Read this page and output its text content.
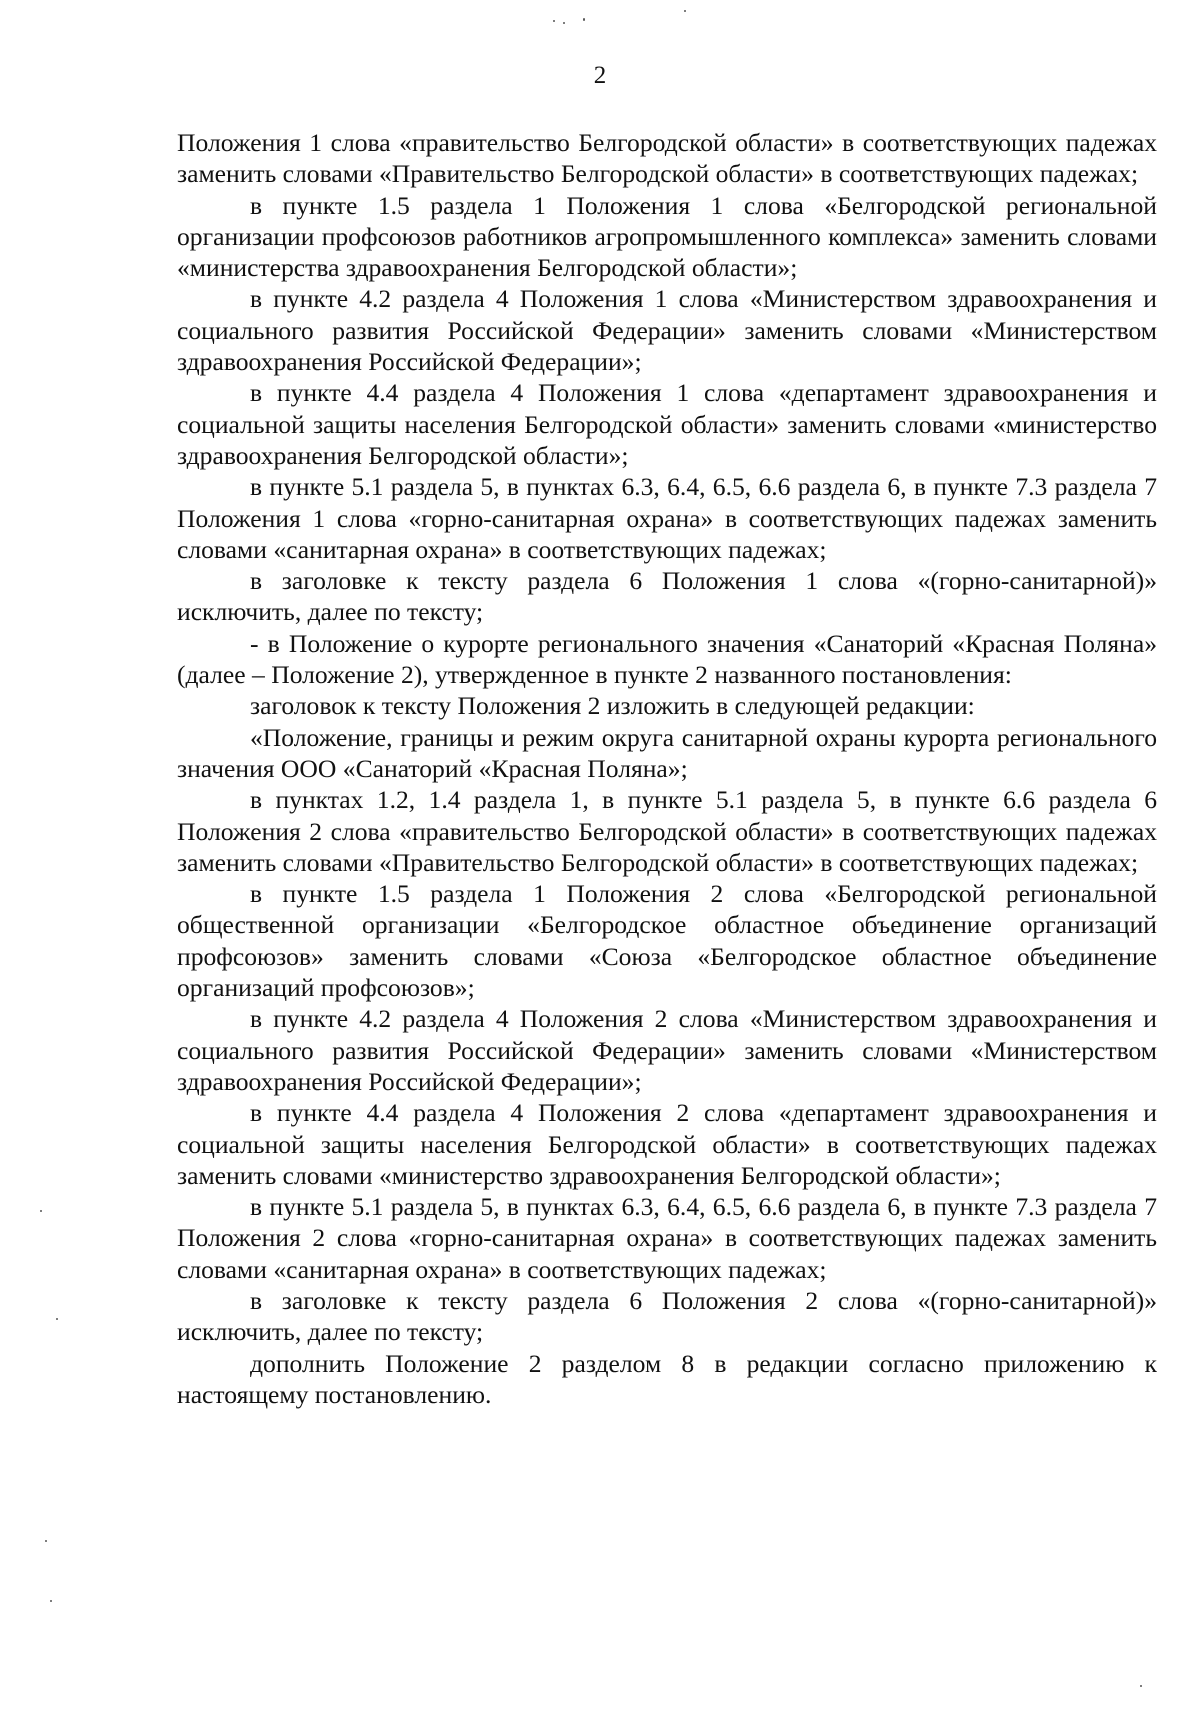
2

Положения 1 слова «правительство Белгородской области» в соответствующих падежах заменить словами «Правительство Белгородской области» в соответствующих падежах;

в пункте 1.5 раздела 1 Положения 1 слова «Белгородской региональной организации профсоюзов работников агропромышленного комплекса» заменить словами «министерства здравоохранения Белгородской области»;

в пункте 4.2 раздела 4 Положения 1 слова «Министерством здравоохранения и социального развития Российской Федерации» заменить словами «Министерством здравоохранения Российской Федерации»;

в пункте 4.4 раздела 4 Положения 1 слова «департамент здравоохранения и социальной защиты населения Белгородской области» заменить словами «министерство здравоохранения Белгородской области»;

в пункте 5.1 раздела 5, в пунктах 6.3, 6.4, 6.5, 6.6 раздела 6, в пункте 7.3 раздела 7 Положения 1 слова «горно-санитарная охрана» в соответствующих падежах заменить словами «санитарная охрана» в соответствующих падежах;

в заголовке к тексту раздела 6 Положения 1 слова «(горно-санитарной)» исключить, далее по тексту;

- в Положение о курорте регионального значения «Санаторий «Красная Поляна» (далее – Положение 2), утвержденное в пункте 2 названного постановления:

заголовок к тексту Положения 2 изложить в следующей редакции:

«Положение, границы и режим округа санитарной охраны курорта регионального значения ООО «Санаторий «Красная Поляна»;

в пунктах 1.2, 1.4 раздела 1, в пункте 5.1 раздела 5, в пункте 6.6 раздела 6 Положения 2 слова «правительство Белгородской области» в соответствующих падежах заменить словами «Правительство Белгородской области» в соответствующих падежах;

в пункте 1.5 раздела 1 Положения 2 слова «Белгородской региональной общественной организации «Белгородское областное объединение организаций профсоюзов» заменить словами «Союза «Белгородское областное объединение организаций профсоюзов»;

в пункте 4.2 раздела 4 Положения 2 слова «Министерством здравоохранения и социального развития Российской Федерации» заменить словами «Министерством здравоохранения Российской Федерации»;

в пункте 4.4 раздела 4 Положения 2 слова «департамент здравоохранения и социальной защиты населения Белгородской области» в соответствующих падежах заменить словами «министерство здравоохранения Белгородской области»;

в пункте 5.1 раздела 5, в пунктах 6.3, 6.4, 6.5, 6.6 раздела 6, в пункте 7.3 раздела 7 Положения 2 слова «горно-санитарная охрана» в соответствующих падежах заменить словами «санитарная охрана» в соответствующих падежах;

в заголовке к тексту раздела 6 Положения 2 слова «(горно-санитарной)» исключить, далее по тексту;

дополнить Положение 2 разделом 8 в редакции согласно приложению к настоящему постановлению.
